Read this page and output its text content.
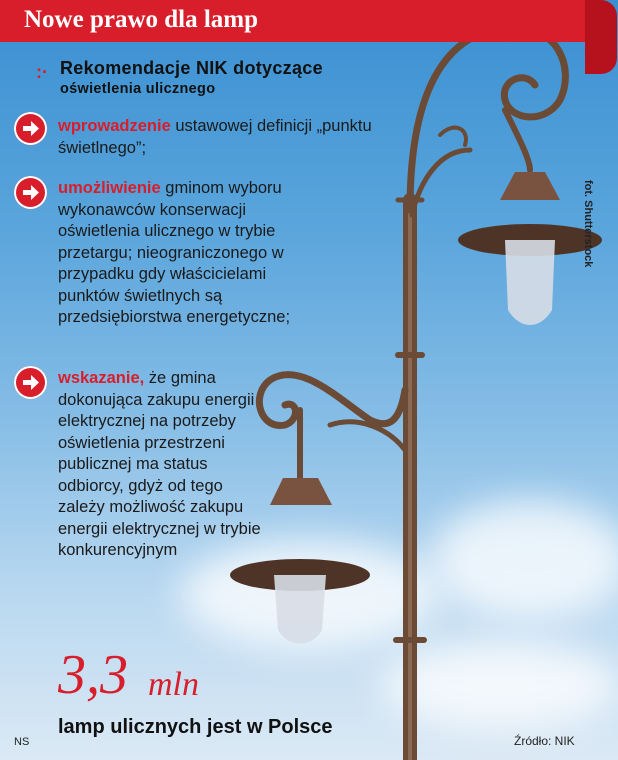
Nowe prawo dla lamp
:· Rekomendacje NIK dotyczące
oświetlenia ulicznego
wprowadzenie ustawowej definicji „punktu świetlnego”;
umożliwienie gminom wyboru wykonawców konserwacji oświetlenia ulicznego w trybie przetargu; nieograniczonego w przypadku gdy właścicielami punktów świetlnych są przedsiębiorstwa energetyczne;
wskazanie, że gmina dokonująca zakupu energii elektrycznej na potrzeby oświetlenia przestrzeni publicznej ma status odbiorcy, gdyż od tego zależy możliwość zakupu energii elektrycznej w trybie konkurencyjnym
fot. Shutterstock
3,3 mln
lamp ulicznych jest w Polsce
NS	Źródło: NIK
